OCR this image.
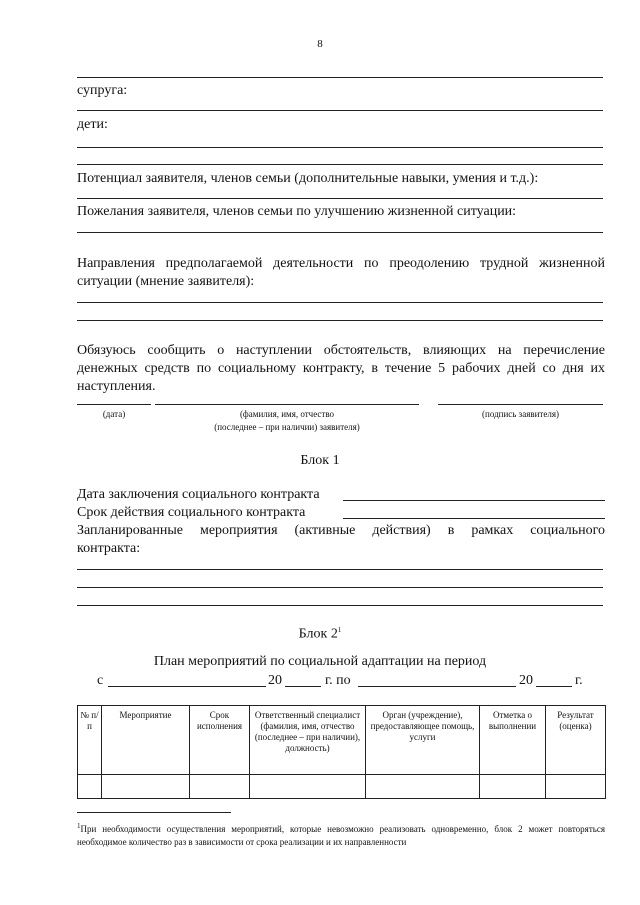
8
супруга:
дети:
Потенциал заявителя, членов семьи (дополнительные навыки, умения и т.д.):
Пожелания заявителя, членов семьи по улучшению жизненной ситуации:
Направления предполагаемой деятельности по преодолению трудной жизненной
ситуации (мнение заявителя):
Обязуюсь сообщить о наступлении обстоятельств, влияющих на перечисление
денежных средств по социальному контракту, в течение 5 рабочих дней со дня их
наступления.
(дата)	(фамилия, имя, отчество
(последнее – при наличии) заявителя)
(подпись заявителя)
Блок 1
Дата заключения социального контракта
Срок действия социального контракта
Запланированные мероприятия (активные действия) в рамках социального
контракта:
Блок $2^1$
План мероприятий по социальной адаптации на период
с	20	г. по	20	г.
№ п/п	Мероприятие	Срок исполнения	Ответственный специалист (фамилия, имя, отчество (последнее – при наличии), должность)	Орган (учреждение), предоставляющее помощь, услуги	Отметка о выполнении	Результат (оценка)

$^1$При необходимости осуществления мероприятий, которые невозможно реализовать одновременно, блок 2 может повторяться необходимое количество раз в зависимости от срока реализации и их направленности
